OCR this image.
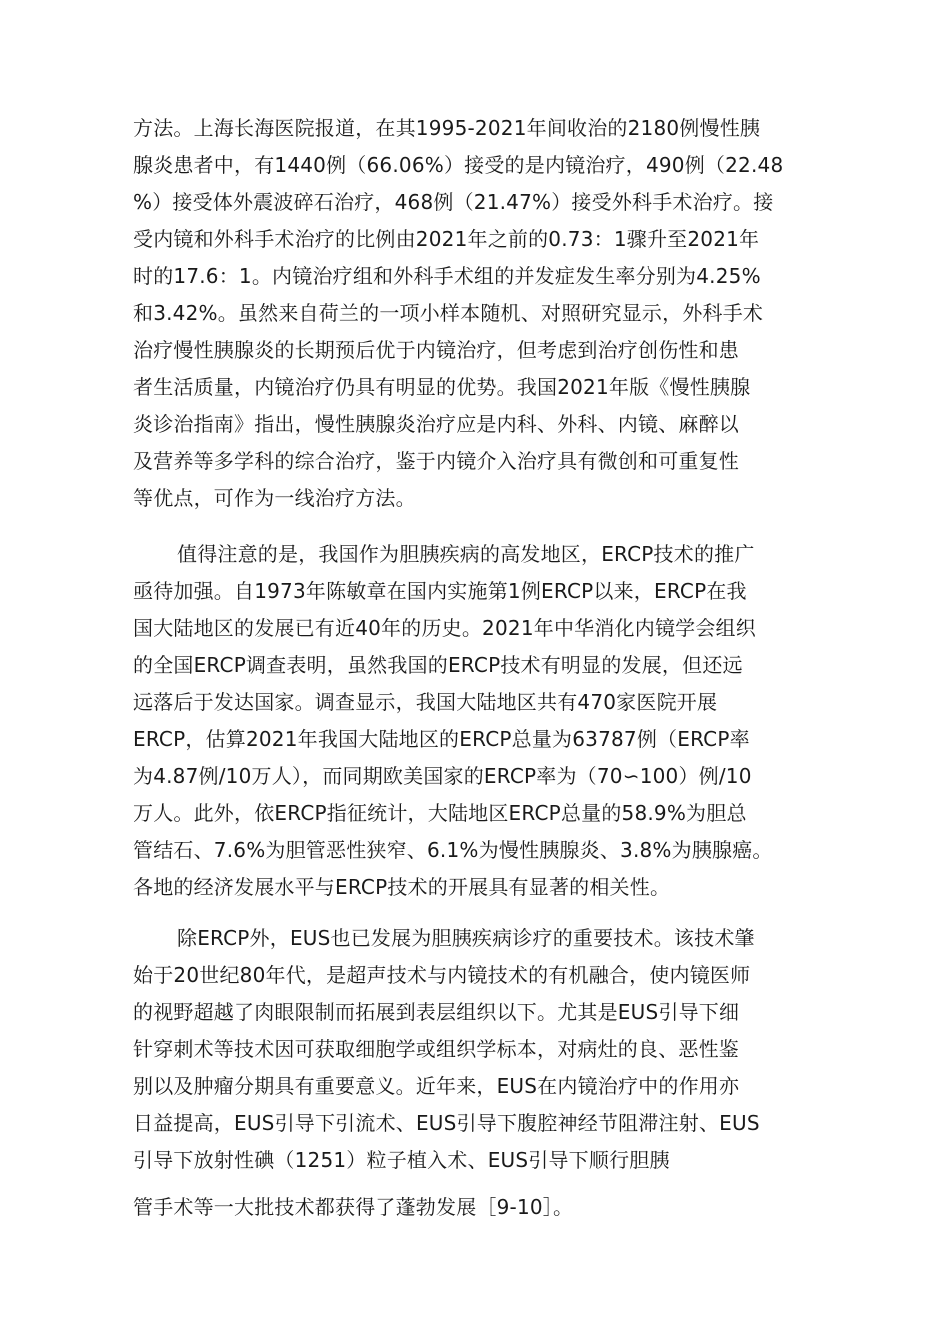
方法。上海长海医院报道，在其1995-2021年间收治的2180例慢性胰
腺炎患者中，有1440例（66.06%）接受的是内镜治疗，490例（22.48
%）接受体外震波碎石治疗，468例（21.47%）接受外科手术治疗。接
受内镜和外科手术治疗的比例由2021年之前的0.73：1骤升至2021年
时的17.6：1。内镜治疗组和外科手术组的并发症发生率分别为4.25%
和3.42%。虽然来自荷兰的一项小样本随机、对照研究显示，外科手术
治疗慢性胰腺炎的长期预后优于内镜治疗，但考虑到治疗创伤性和患
者生活质量，内镜治疗仍具有明显的优势。我国2021年版《慢性胰腺
炎诊治指南》指出，慢性胰腺炎治疗应是内科、外科、内镜、麻醉以
及营养等多学科的综合治疗，鉴于内镜介入治疗具有微创和可重复性
等优点，可作为一线治疗方法。
值得注意的是，我国作为胆胰疾病的高发地区，ERCP技术的推广
亟待加强。自1973年陈敏章在国内实施第1例ERCP以来，ERCP在我
国大陆地区的发展已有近40年的历史。2021年中华消化内镜学会组织
的全国ERCP调查表明，虽然我国的ERCP技术有明显的发展，但还远
远落后于发达国家。调查显示，我国大陆地区共有470家医院开展
ERCP，估算2021年我国大陆地区的ERCP总量为63787例（ERCP率
为4.87例/10万人），而同期欧美国家的ERCP率为（70∽100）例/10
万人。此外，依ERCP指征统计，大陆地区ERCP总量的58.9%为胆总
管结石、7.6%为胆管恶性狭窄、6.1%为慢性胰腺炎、3.8%为胰腺癌。
各地的经济发展水平与ERCP技术的开展具有显著的相关性。
除ERCP外，EUS也已发展为胆胰疾病诊疗的重要技术。该技术肇
始于20世纪80年代，是超声技术与内镜技术的有机融合，使内镜医师
的视野超越了肉眼限制而拓展到表层组织以下。尤其是EUS引导下细
针穿刺术等技术因可获取细胞学或组织学标本，对病灶的良、恶性鉴
别以及肿瘤分期具有重要意义。近年来，EUS在内镜治疗中的作用亦
日益提高，EUS引导下引流术、EUS引导下腹腔神经节阻滞注射、EUS
引导下放射性碘（1251）粒子植入术、EUS引导下顺行胆胰
管手术等一大批技术都获得了蓬勃发展［9-10］。
